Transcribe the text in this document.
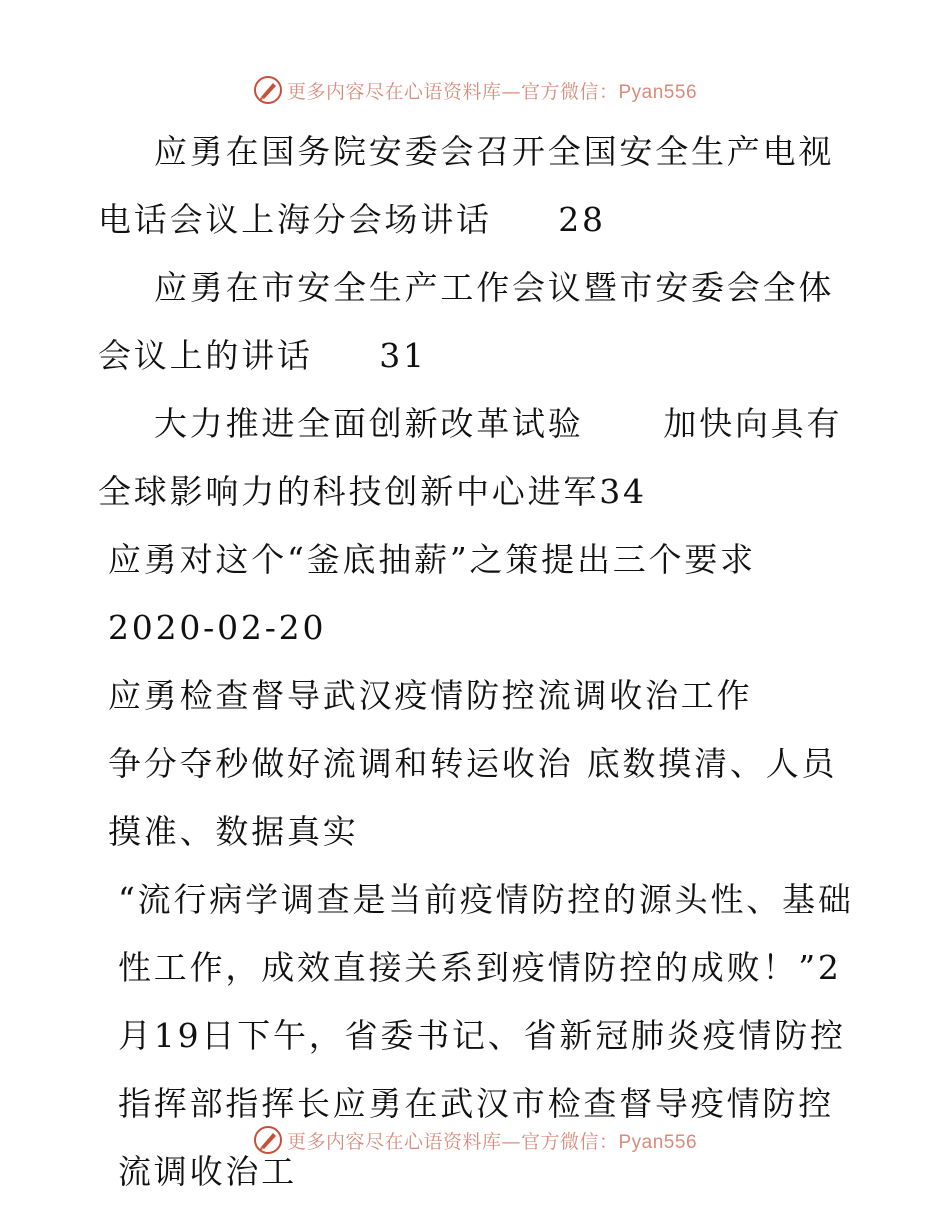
更多内容尽在心语资料库—官方微信：Pyan556

应勇在国务院安委会召开全国安全生产电视电话会议上海分会场讲话     28

应勇在市安全生产工作会议暨市安委会全体会议上的讲话     31

大力推进全面创新改革试验      加快向具有全球影响力的科技创新中心进军34

应勇对这个“釜底抽薪”之策提出三个要求

2020-02-20

应勇检查督导武汉疫情防控流调收治工作

争分夺秒做好流调和转运收治 底数摸清、人员摸准、数据真实

“流行病学调查是当前疫情防控的源头性、基础性工作，成效直接关系到疫情防控的成败！”2月19日下午，省委书记、省新冠肺炎疫情防控指挥部指挥长应勇在武汉市检查督导疫情防控流调收治工

更多内容尽在心语资料库—官方微信：Pyan556
